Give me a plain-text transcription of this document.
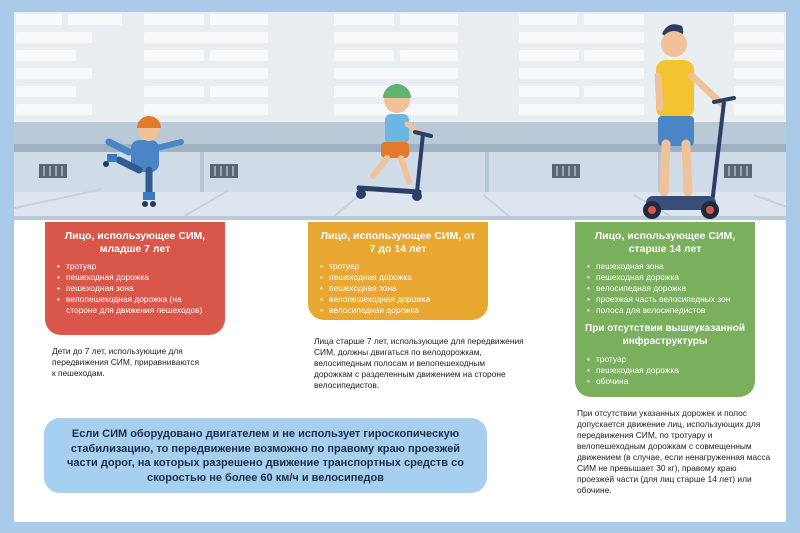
Лицо, использующее СИМ, младше 7 лет
• тротуар
• пешеходная дорожка
• пешеходная зона
• велопешеходная дорожка (на стороне для движения пешеходов)
Дети до 7 лет, использующие для передвижения СИМ, приравниваются к пешеходам.
Лицо, использующее СИМ, от 7 до 14 лет
• тротуар
• пешеходная дорожка
• пешеходная зона
• велопешеходная дорожка
• велосипедная дорожка
Лица старше 7 лет, использующие для передвижения СИМ, должны двигаться по велодорожкам, велосипедным полосам и велопешеходным дорожкам с разделенным движением на стороне велосипедистов.
Лицо, использующее СИМ, старше 14 лет
• пешеходная зона
• пешеходная дорожка
• велосипедная дорожка
• проезжая часть велосипедных зон
• полоса для велосипедистов
При отсутствии вышеуказанной инфраструктуры
• тротуар
• пешеходная дорожка
• обочина
При отсутствии указанных дорожек и полос допускается движение лиц, использующих для передвижения СИМ, по тротуару и велопешеходным дорожкам с совмещенным движением (в случае, если ненагруженная масса СИМ не превышает 30 кг), правому краю проезжей части (для лиц старше 14 лет) или обочине.
Если СИМ оборудовано двигателем и не использует гироскопическую стабилизацию, то передвижение возможно по правому краю проезжей части дорог, на которых разрешено движение транспортных средств со скоростью не более 60 км/ч и велосипедов
